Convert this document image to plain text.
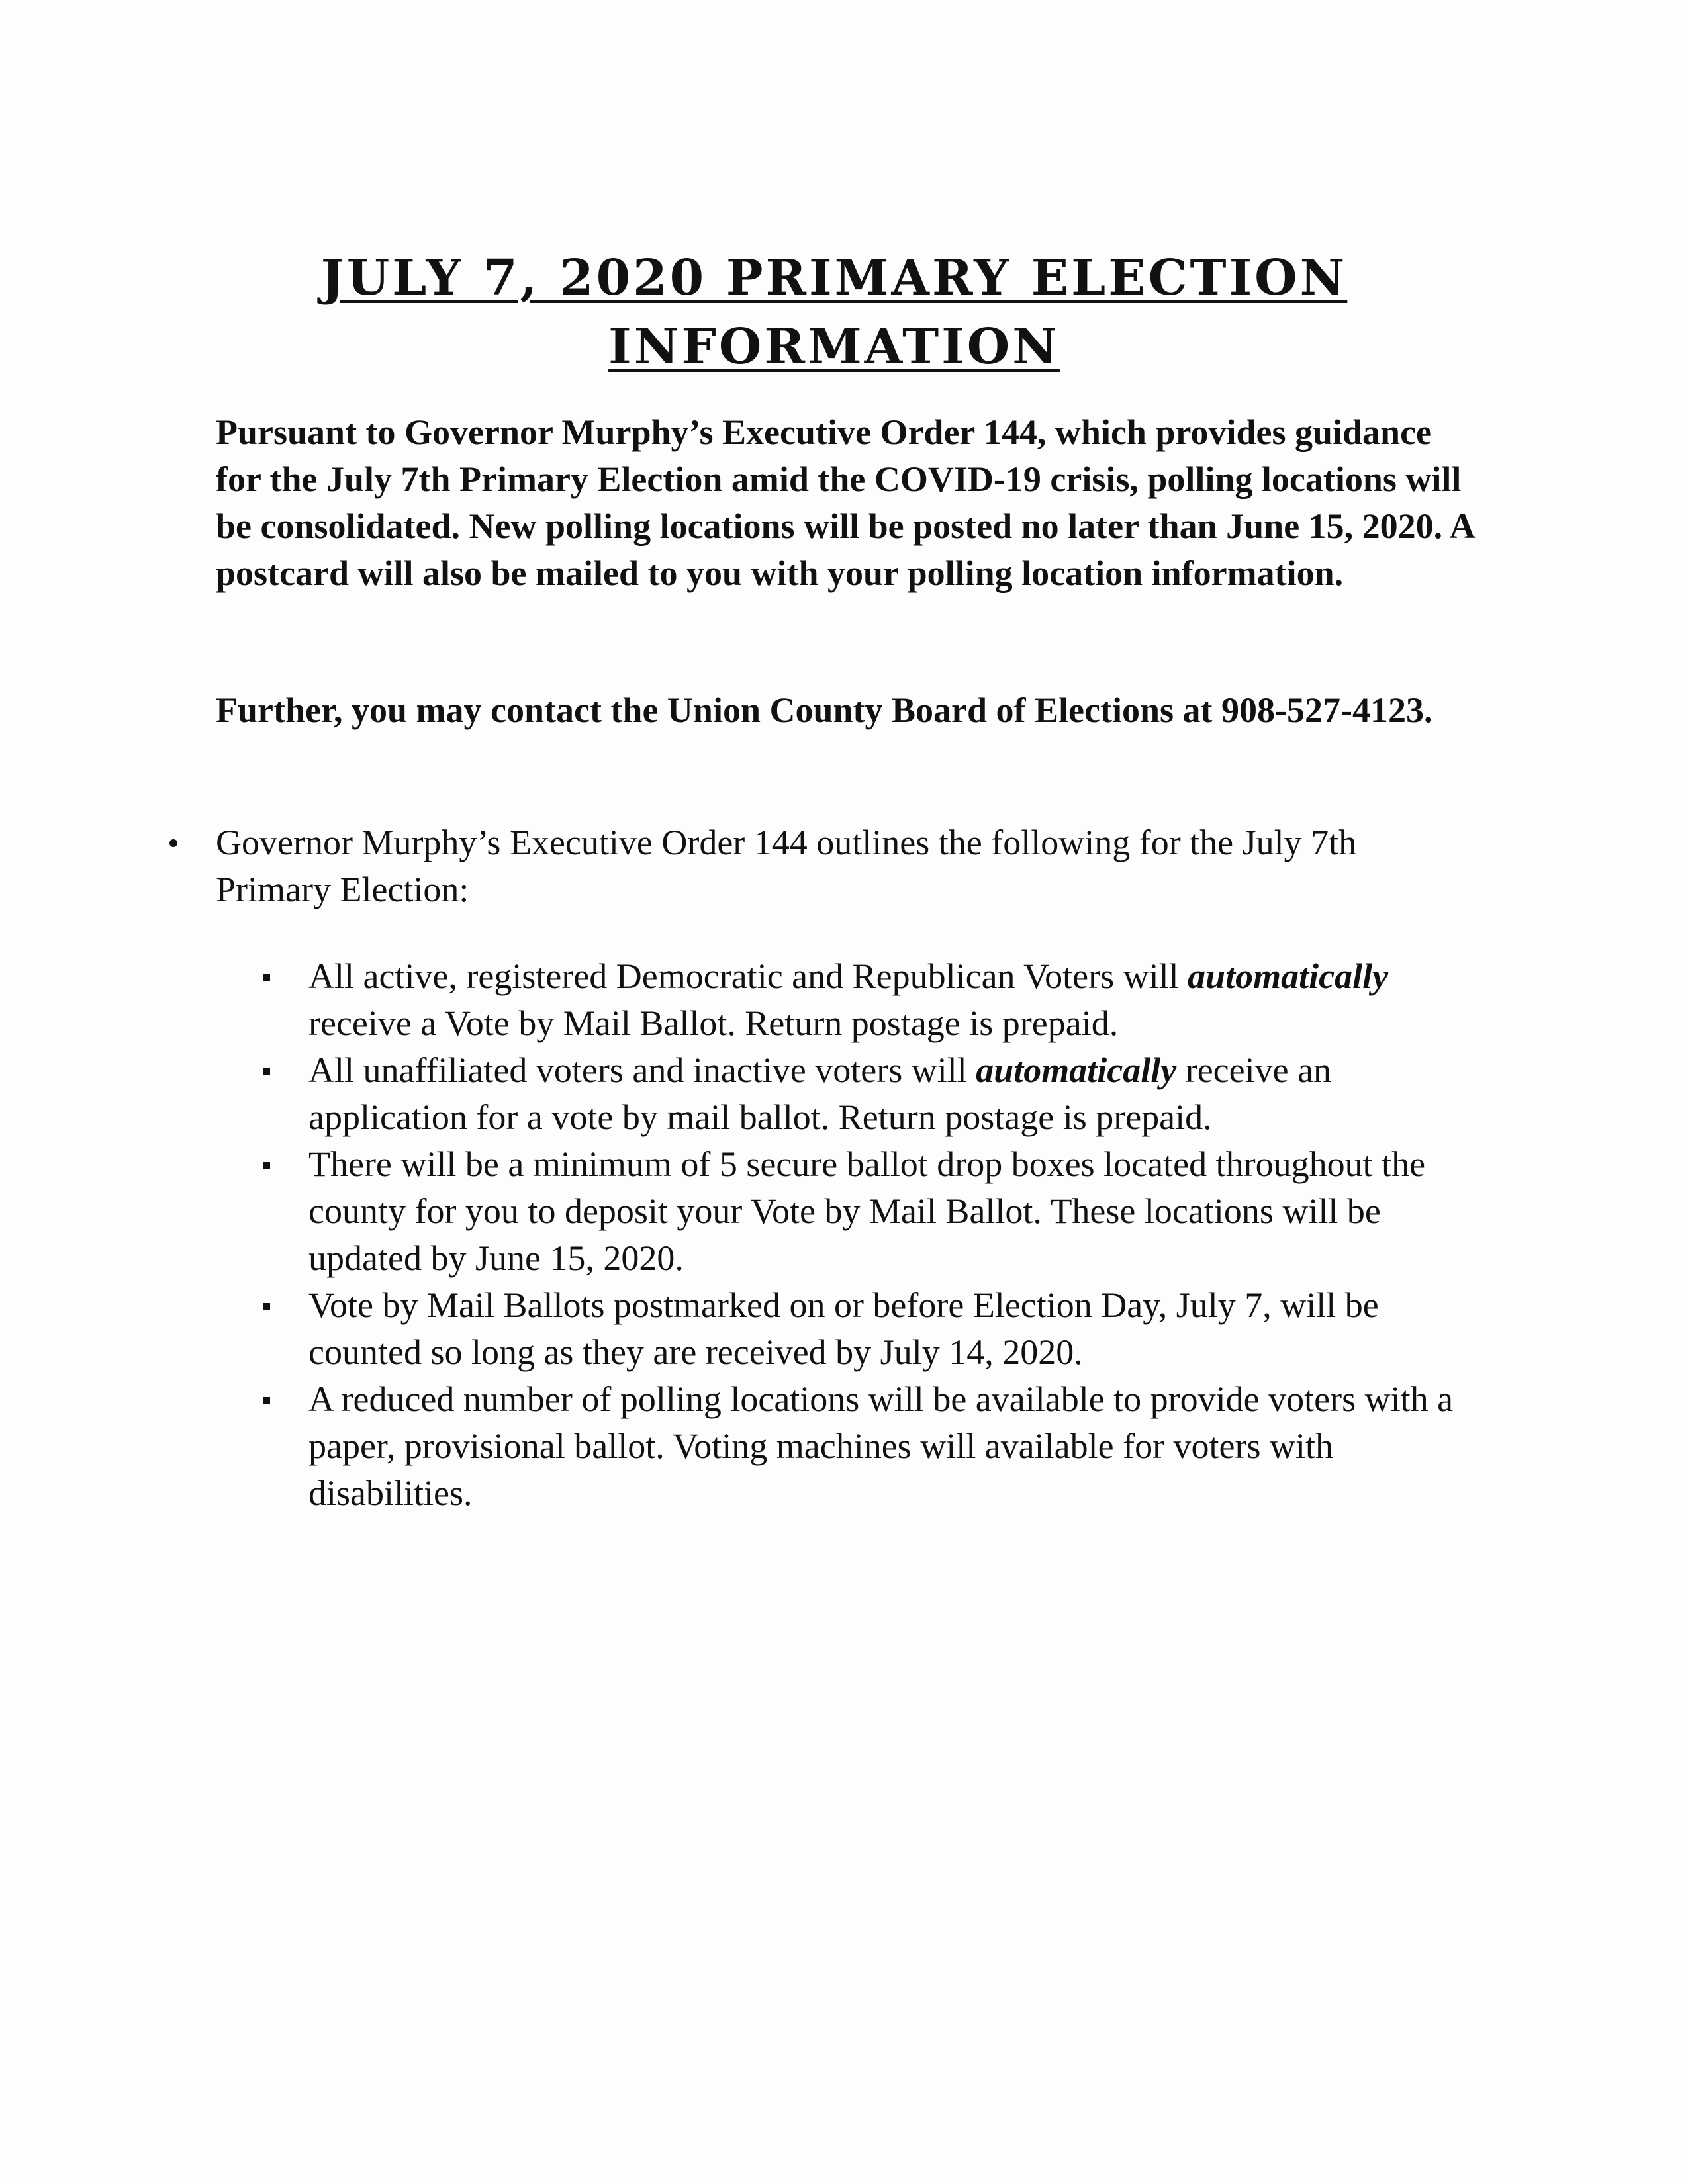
JULY 7, 2020 PRIMARY ELECTION
INFORMATION

Pursuant to Governor Murphy’s Executive Order 144, which provides guidance for the July 7th Primary Election amid the COVID-19 crisis, polling locations will be consolidated. New polling locations will be posted no later than June 15, 2020. A postcard will also be mailed to you with your polling location information.

Further, you may contact the Union County Board of Elections at 908-527-4123.

Governor Murphy’s Executive Order 144 outlines the following for the July 7th Primary Election:
All active, registered Democratic and Republican Voters will automatically receive a Vote by Mail Ballot. Return postage is prepaid.
All unaffiliated voters and inactive voters will automatically receive an application for a vote by mail ballot. Return postage is prepaid.
There will be a minimum of 5 secure ballot drop boxes located throughout the county for you to deposit your Vote by Mail Ballot. These locations will be updated by June 15, 2020.
Vote by Mail Ballots postmarked on or before Election Day, July 7, will be counted so long as they are received by July 14, 2020.
A reduced number of polling locations will be available to provide voters with a paper, provisional ballot. Voting machines will available for voters with disabilities.
